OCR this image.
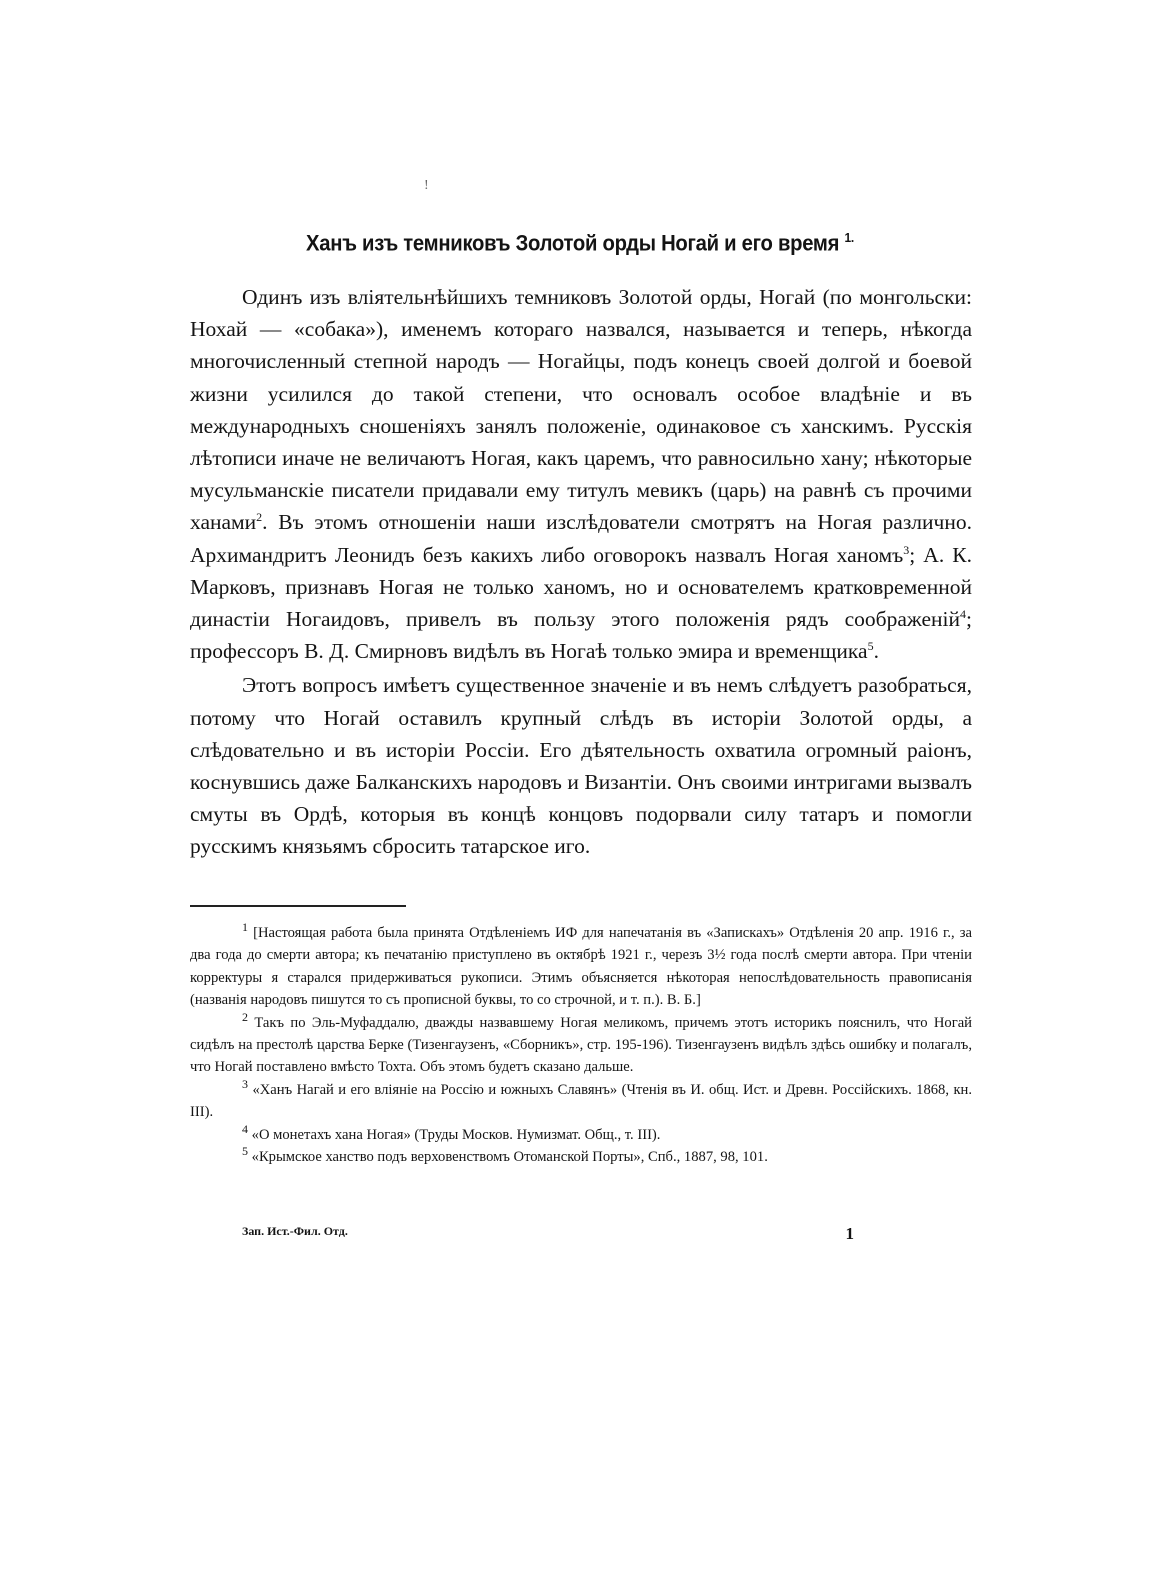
!
Ханъ изъ темниковъ Золотой орды Ногай и его время $^{1.}$

Одинъ изъ вліятельнѣйшихъ темниковъ Золотой орды, Ногай (по монгольски: Нохай — «собака»), именемъ котораго назвался, называется и теперь, нѣкогда многочисленный степной народъ — Ногайцы, подъ конецъ своей долгой и боевой жизни усилился до такой степени, что основалъ особое владѣніе и въ международныхъ сношеніяхъ занялъ положеніе, одинаковое съ ханскимъ. Русскія лѣтописи иначе не величаютъ Ногая, какъ царемъ, что равносильно хану; нѣкоторые мусульманскіе писатели придавали ему титулъ мевикъ (царь) на равнѣ съ прочими ханами$^2$. Въ этомъ отношеніи наши изслѣдователи смотрятъ на Ногая различно. Архимандритъ Леонидъ безъ какихъ либо оговорокъ назвалъ Ногая ханомъ$^3$; А. К. Марковъ, признавъ Ногая не только ханомъ, но и основателемъ кратковременной династіи Ногаидовъ, привелъ въ пользу этого положенія рядъ соображеній$^4$; профессоръ В. Д. Смирновъ видѣлъ въ Ногаѣ только эмира и временщика$^5$.

Этотъ вопросъ имѣетъ существенное значеніе и въ немъ слѣдуетъ разобраться, потому что Ногай оставилъ крупный слѣдъ въ исторіи Золотой орды, а слѣдовательно и въ исторіи Россіи. Его дѣятельность охватила огромный раіонъ, коснувшись даже Балканскихъ народовъ и Византіи. Онъ своими интригами вызвалъ смуты въ Ордѣ, которыя въ концѣ концовъ подорвали силу татаръ и помогли русскимъ князьямъ сбросить татарское иго.

$^1$ [Настоящая работа была принята Отдѣленіемъ ИФ для напечатанія въ «Запискахъ» Отдѣленія 20 апр. 1916 г., за два года до смерти автора; къ печатанію приступлено въ октябрѣ 1921 г., черезъ 3½ года послѣ смерти автора. При чтеніи корректуры я старался придерживаться рукописи. Этимъ объясняется нѣкоторая непослѣдовательность правописанія (названія народовъ пишутся то съ прописной буквы, то со строчной, и т. п.). В. Б.]

$^2$ Такъ по Эль-Муфаддалю, дважды назвавшему Ногая меликомъ, причемъ этотъ историкъ пояснилъ, что Ногай сидѣлъ на престолѣ царства Берке (Тизенгаузенъ, «Сборникъ», стр. 195-196). Тизенгаузенъ видѣлъ здѣсь ошибку и полагалъ, что Ногай поставлено вмѣсто Тохта. Объ этомъ будетъ сказано дальше.

$^3$ «Ханъ Нагай и его вліяніе на Россію и южныхъ Славянъ» (Чтенія въ И. общ. Ист. и Древн. Россійскихъ. 1868, кн. III).

$^4$ «О монетахъ хана Ногая» (Труды Москов. Нумизмат. Общ., т. III).

$^5$ «Крымское ханство подъ верховенствомъ Отоманской Порты», Спб., 1887, 98, 101.

Зап. Ист.-Фил. Отд.	1
